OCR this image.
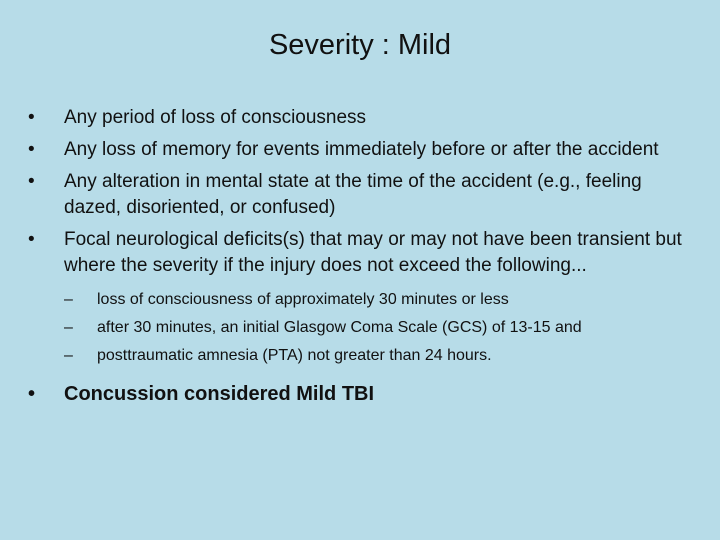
Severity : Mild
•	Any period of loss of consciousness
•	Any loss of memory for events immediately before or after the accident
•	Any alteration in mental state at the time of the accident (e.g., feeling dazed, disoriented, or confused)
•	Focal neurological deficits(s) that may or may not have been transient but where the severity if the injury does not exceed the following...
–	loss of consciousness of approximately 30 minutes or less
–	after 30 minutes, an initial Glasgow Coma Scale (GCS) of 13-15 and
–	posttraumatic amnesia (PTA) not greater than 24 hours.
•	Concussion considered Mild TBI
